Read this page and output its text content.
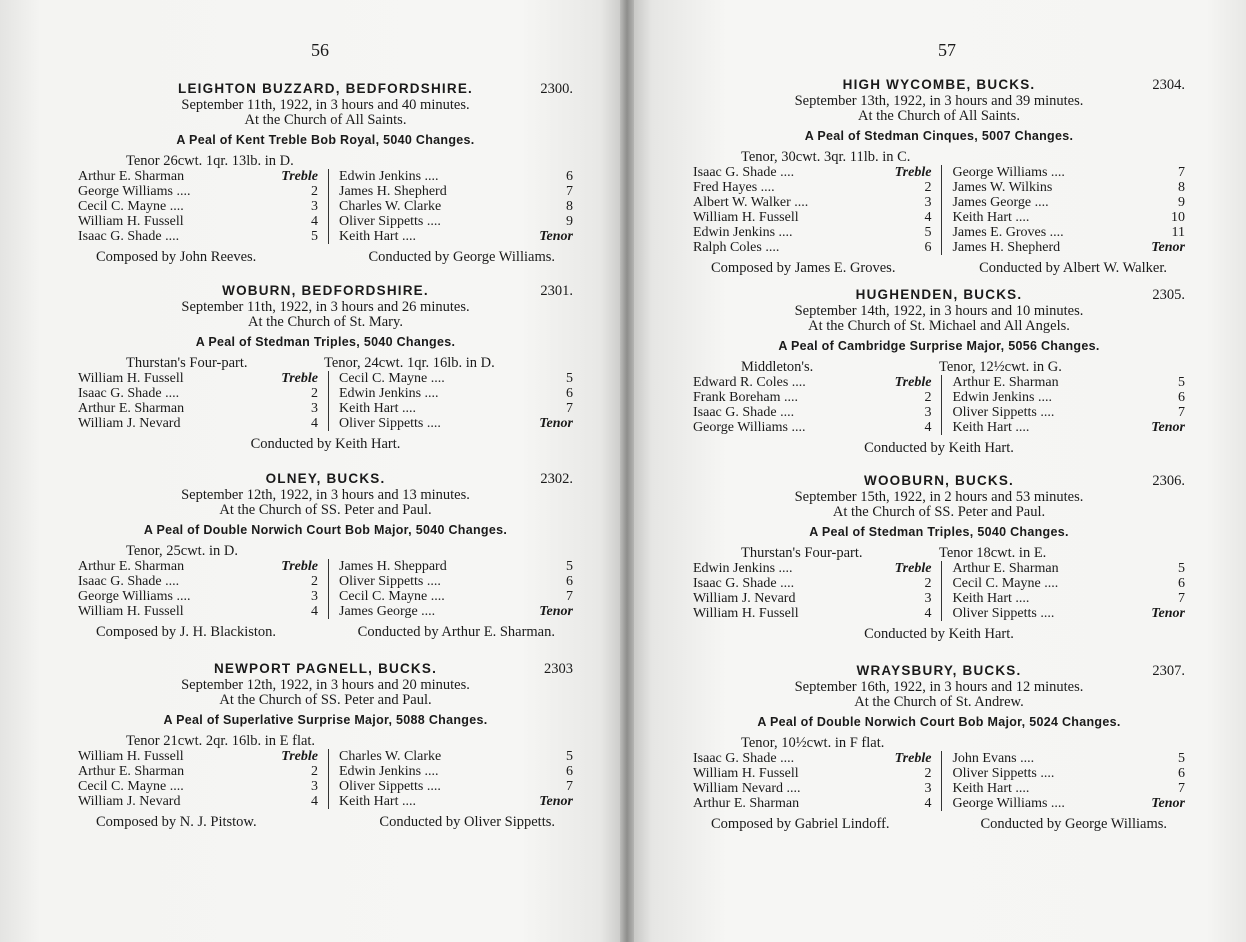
56
LEIGHTON BUZZARD, BEDFORDSHIRE.	2300.
September 11th, 1922, in 3 hours and 40 minutes.
At the Church of All Saints.
A Peal of Kent Treble Bob Royal, 5040 Changes.
Tenor 26cwt. 1qr. 13lb. in D.
Arthur E. Sharman	Treble
George Williams ....	2
Cecil C. Mayne ....	3
William H. Fussell	4
Isaac G. Shade ....	5
Edwin Jenkins ....	6
James H. Shepherd	7
Charles W. Clarke	8
Oliver Sippetts ....	9
Keith Hart ....	Tenor
Composed by John Reeves.	Conducted by George Williams.
WOBURN, BEDFORDSHIRE.	2301.
September 11th, 1922, in 3 hours and 26 minutes.
At the Church of St. Mary.
A Peal of Stedman Triples, 5040 Changes.
Thurstan's Four-part.	Tenor, 24cwt. 1qr. 16lb. in D.
William H. Fussell	Treble
Isaac G. Shade ....	2
Arthur E. Sharman	3
William J. Nevard	4
Cecil C. Mayne ....	5
Edwin Jenkins ....	6
Keith Hart ....	7
Oliver Sippetts ....	Tenor
Conducted by Keith Hart.
OLNEY, BUCKS.	2302.
September 12th, 1922, in 3 hours and 13 minutes.
At the Church of SS. Peter and Paul.
A Peal of Double Norwich Court Bob Major, 5040 Changes.
Tenor, 25cwt. in D.
Arthur E. Sharman	Treble
Isaac G. Shade ....	2
George Williams ....	3
William H. Fussell	4
James H. Sheppard	5
Oliver Sippetts ....	6
Cecil C. Mayne ....	7
James George ....	Tenor
Composed by J. H. Blackiston.	Conducted by Arthur E. Sharman.
NEWPORT PAGNELL, BUCKS.	2303
September 12th, 1922, in 3 hours and 20 minutes.
At the Church of SS. Peter and Paul.
A Peal of Superlative Surprise Major, 5088 Changes.
Tenor 21cwt. 2qr. 16lb. in E flat.
William H. Fussell	Treble
Arthur E. Sharman	2
Cecil C. Mayne ....	3
William J. Nevard	4
Charles W. Clarke	5
Edwin Jenkins ....	6
Oliver Sippetts ....	7
Keith Hart ....	Tenor
Composed by N. J. Pitstow.	Conducted by Oliver Sippetts.
57
HIGH WYCOMBE, BUCKS.	2304.
September 13th, 1922, in 3 hours and 39 minutes.
At the Church of All Saints.
A Peal of Stedman Cinques, 5007 Changes.
Tenor, 30cwt. 3qr. 11lb. in C.
Isaac G. Shade ....	Treble
Fred Hayes ....	2
Albert W. Walker ....	3
William H. Fussell	4
Edwin Jenkins ....	5
Ralph Coles ....	6
George Williams ....	7
James W. Wilkins	8
James George ....	9
Keith Hart ....	10
James E. Groves ....	11
James H. Shepherd	Tenor
Composed by James E. Groves.	Conducted by Albert W. Walker.
HUGHENDEN, BUCKS.	2305.
September 14th, 1922, in 3 hours and 10 minutes.
At the Church of St. Michael and All Angels.
A Peal of Cambridge Surprise Major, 5056 Changes.
Middleton's.	Tenor, 12½cwt. in G.
Edward R. Coles ....	Treble
Frank Boreham ....	2
Isaac G. Shade ....	3
George Williams ....	4
Arthur E. Sharman	5
Edwin Jenkins ....	6
Oliver Sippetts ....	7
Keith Hart ....	Tenor
Conducted by Keith Hart.
WOOBURN, BUCKS.	2306.
September 15th, 1922, in 2 hours and 53 minutes.
At the Church of SS. Peter and Paul.
A Peal of Stedman Triples, 5040 Changes.
Thurstan's Four-part.	Tenor 18cwt. in E.
Edwin Jenkins ....	Treble
Isaac G. Shade ....	2
William J. Nevard	3
William H. Fussell	4
Arthur E. Sharman	5
Cecil C. Mayne ....	6
Keith Hart ....	7
Oliver Sippetts ....	Tenor
Conducted by Keith Hart.
WRAYSBURY, BUCKS.	2307.
September 16th, 1922, in 3 hours and 12 minutes.
At the Church of St. Andrew.
A Peal of Double Norwich Court Bob Major, 5024 Changes.
Tenor, 10½cwt. in F flat.
Isaac G. Shade ....	Treble
William H. Fussell	2
William Nevard ....	3
Arthur E. Sharman	4
John Evans ....	5
Oliver Sippetts ....	6
Keith Hart ....	7
George Williams ....	Tenor
Composed by Gabriel Lindoff.	Conducted by George Williams.
